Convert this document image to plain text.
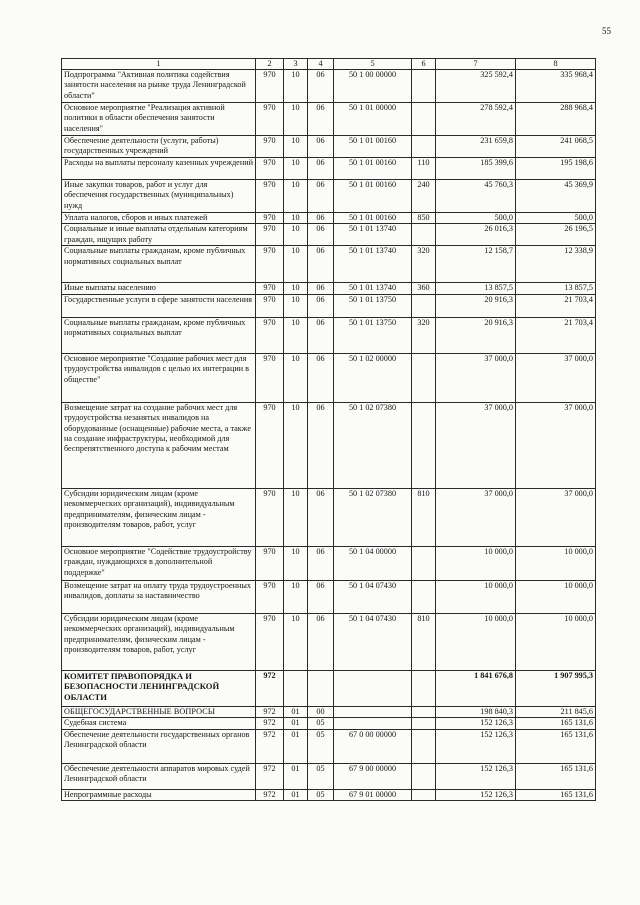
55
1	2	3	4	5	6	7	8
Подпрограмма "Активная политика содействия занятости населения на рынке труда Ленинградской области"	970	10	06	50 1 00 00000		325 592,4	335 968,4
Основное мероприятие "Реализация активной политики в области обеспечения занятости населения"	970	10	06	50 1 01 00000		278 592,4	288 968,4
Обеспечение деятельности (услуги, работы) государственных учреждений	970	10	06	50 1 01 00160		231 659,8	241 068,5
Расходы на выплаты персоналу казенных учреждений	970	10	06	50 1 01 00160	110	185 399,6	195 198,6
Иные закупки товаров, работ и услуг для обеспечения государственных (муниципальных) нужд	970	10	06	50 1 01 00160	240	45 760,3	45 369,9
Уплата налогов, сборов и иных платежей	970	10	06	50 1 01 00160	850	500,0	500,0
Социальные и иные выплаты отдельным категориям граждан, ищущих работу	970	10	06	50 1 01 13740		26 016,3	26 196,5
Социальные выплаты гражданам, кроме публичных нормативных социальных выплат	970	10	06	50 1 01 13740	320	12 158,7	12 338,9
Иные выплаты населению	970	10	06	50 1 01 13740	360	13 857,5	13 857,5
Государственные услуги в сфере занятости населения	970	10	06	50 1 01 13750		20 916,3	21 703,4
Социальные выплаты гражданам, кроме публичных нормативных социальных выплат	970	10	06	50 1 01 13750	320	20 916,3	21 703,4
Основное мероприятие "Создание рабочих мест для трудоустройства инвалидов с целью их интеграции в обществе"	970	10	06	50 1 02 00000		37 000,0	37 000,0
Возмещение затрат на создание рабочих мест для трудоустройства незанятых инвалидов на оборудованные (оснащенные) рабочие места, а также на создание инфраструктуры, необходимой для беспрепятственного доступа к рабочим местам	970	10	06	50 1 02 07380		37 000,0	37 000,0
Субсидии юридическим лицам (кроме некоммерческих организаций), индивидуальным предпринимателям, физическим лицам - производителям товаров, работ, услуг	970	10	06	50 1 02 07380	810	37 000,0	37 000,0
Основное мероприятие "Содействие трудоустройству граждан, нуждающихся в дополнительной поддержке"	970	10	06	50 1 04 00000		10 000,0	10 000,0
Возмещение затрат на оплату труда трудоустроенных инвалидов, доплаты за наставничество	970	10	06	50 1 04 07430		10 000,0	10 000,0
Субсидии юридическим лицам (кроме некоммерческих организаций), индивидуальным предпринимателям, физическим лицам - производителям товаров, работ, услуг	970	10	06	50 1 04 07430	810	10 000,0	10 000,0
КОМИТЕТ ПРАВОПОРЯДКА И БЕЗОПАСНОСТИ ЛЕНИНГРАДСКОЙ ОБЛАСТИ	972					1 841 676,8	1 907 995,3
ОБЩЕГОСУДАРСТВЕННЫЕ ВОПРОСЫ	972	01	00			198 840,3	211 845,6
Судебная система	972	01	05			152 126,3	165 131,6
Обеспечение деятельности государственных органов Ленинградской области	972	01	05	67 0 00 00000		152 126,3	165 131,6
Обеспечение деятельности аппаратов мировых судей Ленинградской области	972	01	05	67 9 00 00000		152 126,3	165 131,6
Непрограммные расходы	972	01	05	67 9 01 00000		152 126,3	165 131,6
